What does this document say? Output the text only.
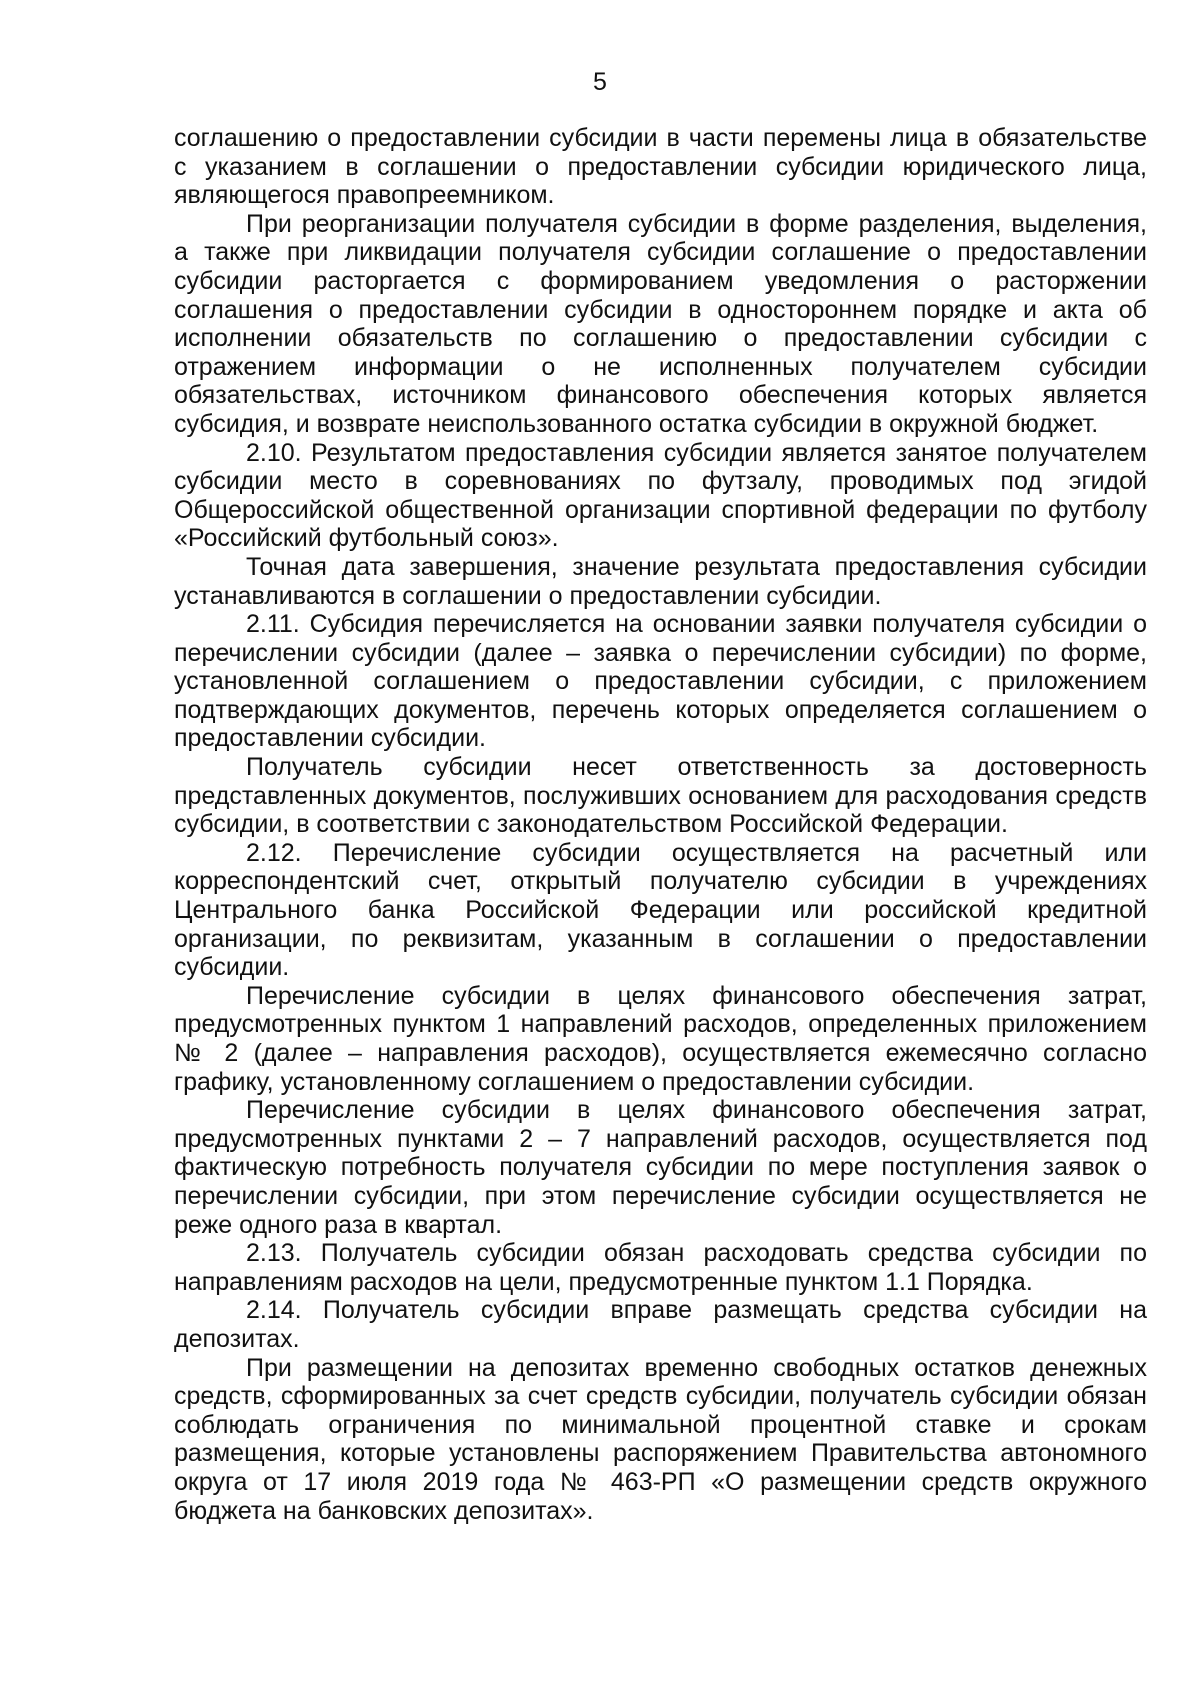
5

соглашению о предоставлении субсидии в части перемены лица в обязательстве с указанием в соглашении о предоставлении субсидии юридического лица, являющегося правопреемником.

При реорганизации получателя субсидии в форме разделения, выделения, а также при ликвидации получателя субсидии соглашение о предоставлении субсидии расторгается с формированием уведомления о расторжении соглашения о предоставлении субсидии в одностороннем порядке и акта об исполнении обязательств по соглашению о предоставлении субсидии с отражением информации о не исполненных получателем субсидии обязательствах, источником финансового обеспечения которых является субсидия, и возврате неиспользованного остатка субсидии в окружной бюджет.

2.10. Результатом предоставления субсидии является занятое получателем субсидии место в соревнованиях по футзалу, проводимых под эгидой Общероссийской общественной организации спортивной федерации по футболу «Российский футбольный союз».

Точная дата завершения, значение результата предоставления субсидии устанавливаются в соглашении о предоставлении субсидии.

2.11. Субсидия перечисляется на основании заявки получателя субсидии о перечислении субсидии (далее – заявка о перечислении субсидии) по форме, установленной соглашением о предоставлении субсидии, с приложением подтверждающих документов, перечень которых определяется соглашением о предоставлении субсидии.

Получатель субсидии несет ответственность за достоверность представленных документов, послуживших основанием для расходования средств субсидии, в соответствии с законодательством Российской Федерации.

2.12. Перечисление субсидии осуществляется на расчетный или корреспондентский счет, открытый получателю субсидии в учреждениях Центрального банка Российской Федерации или российской кредитной организации, по реквизитам, указанным в соглашении о предоставлении субсидии.

Перечисление субсидии в целях финансового обеспечения затрат, предусмотренных пунктом 1 направлений расходов, определенных приложением № 2 (далее – направления расходов), осуществляется ежемесячно согласно графику, установленному соглашением о предоставлении субсидии.

Перечисление субсидии в целях финансового обеспечения затрат, предусмотренных пунктами 2 – 7 направлений расходов, осуществляется под фактическую потребность получателя субсидии по мере поступления заявок о перечислении субсидии, при этом перечисление субсидии осуществляется не реже одного раза в квартал.

2.13. Получатель субсидии обязан расходовать средства субсидии по направлениям расходов на цели, предусмотренные пунктом 1.1 Порядка.

2.14. Получатель субсидии вправе размещать средства субсидии на депозитах.

При размещении на депозитах временно свободных остатков денежных средств, сформированных за счет средств субсидии, получатель субсидии обязан соблюдать ограничения по минимальной процентной ставке и срокам размещения, которые установлены распоряжением Правительства автономного округа от 17 июля 2019 года № 463-РП «О размещении средств окружного бюджета на банковских депозитах».
